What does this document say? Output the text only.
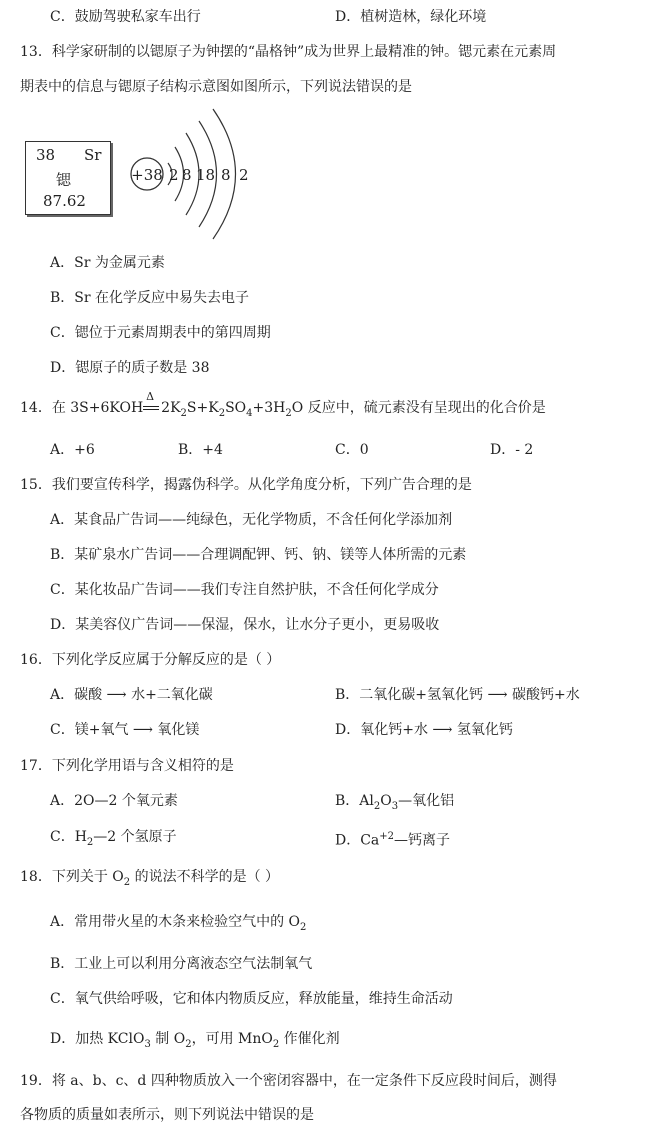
C．鼓励驾驶私家车出行	D．植树造林，绿化环境
13．科学家研制的以锶原子为钟摆的“晶格钟”成为世界上最精准的钟。锶元素在元素周
期表中的信息与锶原子结构示意图如图所示，下列说法错误的是
38 Sr
锶
87.62
+38 2 8 18 8 2
A．Sr 为金属元素
B．Sr 在化学反应中易失去电子
C．锶位于元素周期表中的第四周期
D．锶原子的质子数是 38
14．在 3S+6KOH
Δ
$2K_2S+K_2SO_4+3H_2O$ 反应中，硫元素没有呈现出的化合价是
A．+6	B．+4	C．0	D．- 2
15．我们要宣传科学，揭露伪科学。从化学角度分析，下列广告合理的是
A．某食品广告词——纯绿色，无化学物质，不含任何化学添加剂
B．某矿泉水广告词——合理调配钾、钙、钠、镁等人体所需的元素
C．某化妆品广告词——我们专注自然护肤，不含任何化学成分
D．某美容仪广告词——保湿，保水，让水分子更小，更易吸收
16．下列化学反应属于分解反应的是（ ）
A．碳酸 ⟶ 水+二氧化碳	B．二氧化碳+氢氧化钙 ⟶ 碳酸钙+水
C．镁+氧气 ⟶ 氧化镁	D．氧化钙+水 ⟶ 氢氧化钙
17．下列化学用语与含义相符的是
A．2O—2 个氧元素	B．$Al_2O_3—$氧化铝
C．$H_2—2$ 个氢原子	D．$Ca^{+2}—$钙离子
18．下列关于 $O_2$ 的说法不科学的是（ ）
A．常用带火星的木条来检验空气中的 $O_2$
B．工业上可以利用分离液态空气法制氧气
C．氧气供给呼吸，它和体内物质反应，释放能量，维持生命活动
D．加热 KClO$_3$ 制 $O_2$，可用 MnO$_2$ 作催化剂
19．将 a、b、c、d 四种物质放入一个密闭容器中，在一定条件下反应段时间后，测得
各物质的质量如表所示，则下列说法中错误的是
